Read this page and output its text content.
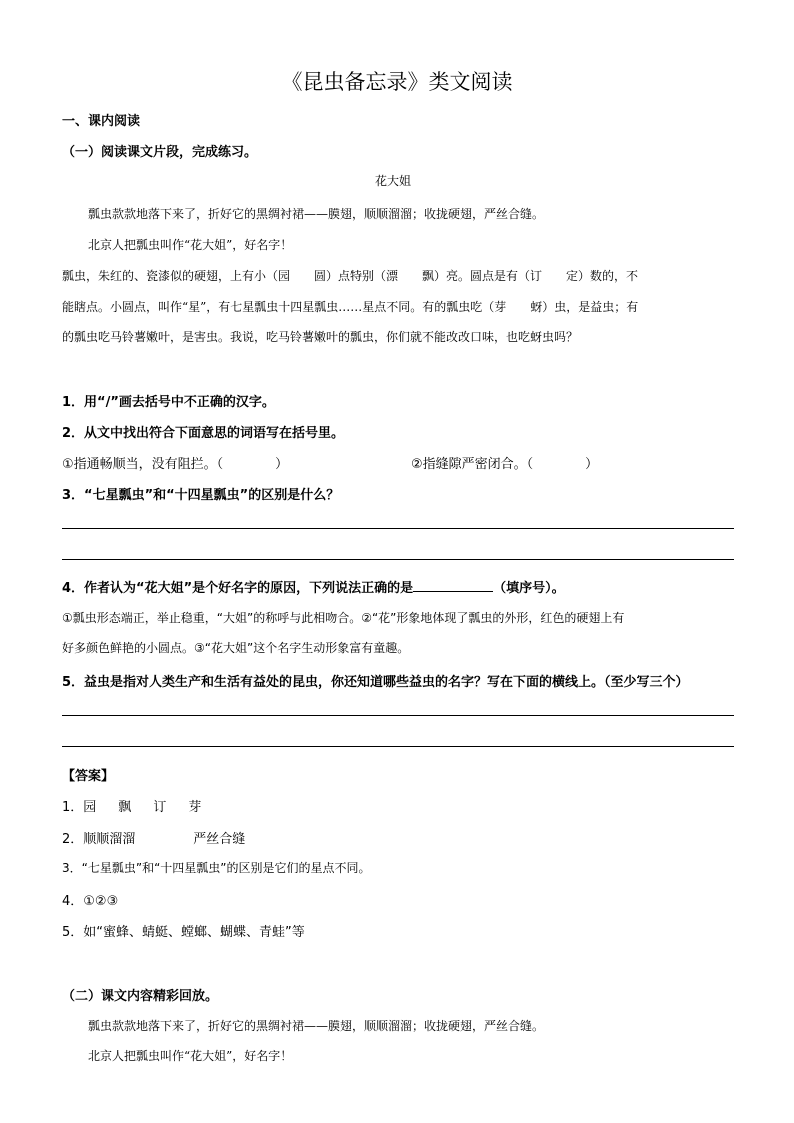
《昆虫备忘录》类文阅读
一、课内阅读
（一）阅读课文片段，完成练习。
花大姐
瓢虫款款地落下来了，折好它的黑绸衬裙——膜翅，顺顺溜溜；收拢硬翅，严丝合缝。
北京人把瓢虫叫作“花大姐”，好名字！
瓢虫，朱红的、瓷漆似的硬翅，上有小（园　　圆）点特别（漂　　飘）亮。圆点是有（订　　定）数的，不
能瞎点。小圆点，叫作“星”，有七星瓢虫十四星瓢虫……星点不同。有的瓢虫吃（芽　　蚜）虫，是益虫；有
的瓢虫吃马铃薯嫩叶，是害虫。我说，吃马铃薯嫩叶的瓢虫，你们就不能改改口味，也吃蚜虫吗？
1．用“/”画去括号中不正确的汉字。
2．从文中找出符合下面意思的词语写在括号里。
①指通畅顺当，没有阻拦。（　　　　）	②指缝隙严密闭合。（　　　　）
3．“七星瓢虫”和“十四星瓢虫”的区别是什么？
4．作者认为“花大姐”是个好名字的原因，下列说法正确的是	（填序号）。
①瓢虫形态端正，举止稳重，“大姐”的称呼与此相吻合。②“花”形象地体现了瓢虫的外形，红色的硬翅上有
好多颜色鲜艳的小圆点。③“花大姐”这个名字生动形象富有童趣。
5．益虫是指对人类生产和生活有益处的昆虫，你还知道哪些益虫的名字？写在下面的横线上。（至少写三个）
【答案】
1．园 飘 订 芽
2．顺顺溜溜	严丝合缝
3．“七星瓢虫”和“十四星瓢虫”的区别是它们的星点不同。
4．①②③
5．如“蜜蜂、蜻蜓、螳螂、蝴蝶、青蛙”等
（二）课文内容精彩回放。
瓢虫款款地落下来了，折好它的黑绸衬裙——膜翅，顺顺溜溜；收拢硬翅，严丝合缝。
北京人把瓢虫叫作“花大姐”，好名字！
